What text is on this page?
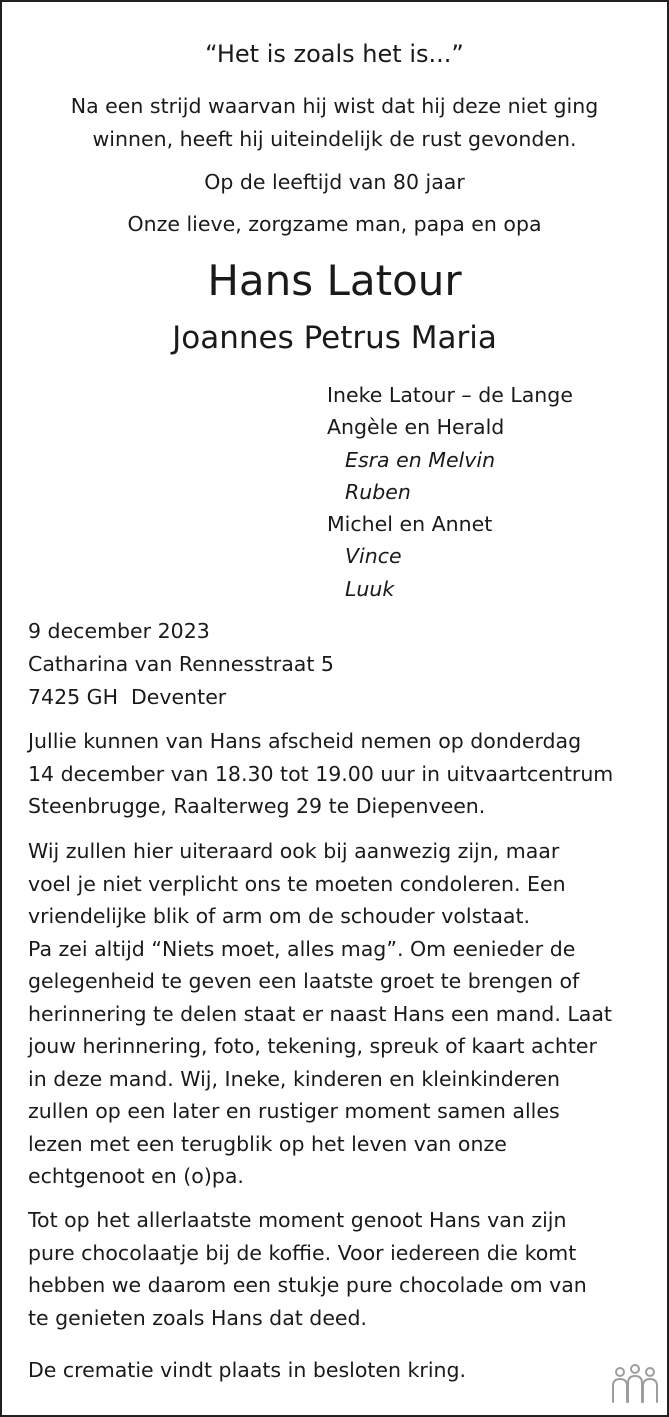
“Het is zoals het is...”
Na een strijd waarvan hij wist dat hij deze niet ging
winnen, heeft hij uiteindelijk de rust gevonden.
Op de leeftijd van 80 jaar
Onze lieve, zorgzame man, papa en opa
Hans Latour
Joannes Petrus Maria
Ineke Latour – de Lange
Angèle en Herald
Esra en Melvin
Ruben
Michel en Annet
Vince
Luuk
9 december 2023
Catharina van Rennesstraat 5
7425 GH  Deventer
Jullie kunnen van Hans afscheid nemen op donderdag
14 december van 18.30 tot 19.00 uur in uitvaartcentrum
Steenbrugge, Raalterweg 29 te Diepenveen.
Wij zullen hier uiteraard ook bij aanwezig zijn, maar
voel je niet verplicht ons te moeten condoleren. Een
vriendelijke blik of arm om de schouder volstaat.
Pa zei altijd “Niets moet, alles mag”. Om eenieder de
gelegenheid te geven een laatste groet te brengen of
herinnering te delen staat er naast Hans een mand. Laat
jouw herinnering, foto, tekening, spreuk of kaart achter
in deze mand. Wij, Ineke, kinderen en kleinkinderen
zullen op een later en rustiger moment samen alles
lezen met een terugblik op het leven van onze
echtgenoot en (o)pa.
Tot op het allerlaatste moment genoot Hans van zijn
pure chocolaatje bij de koffie. Voor iedereen die komt
hebben we daarom een stukje pure chocolade om van
te genieten zoals Hans dat deed.
De crematie vindt plaats in besloten kring.
